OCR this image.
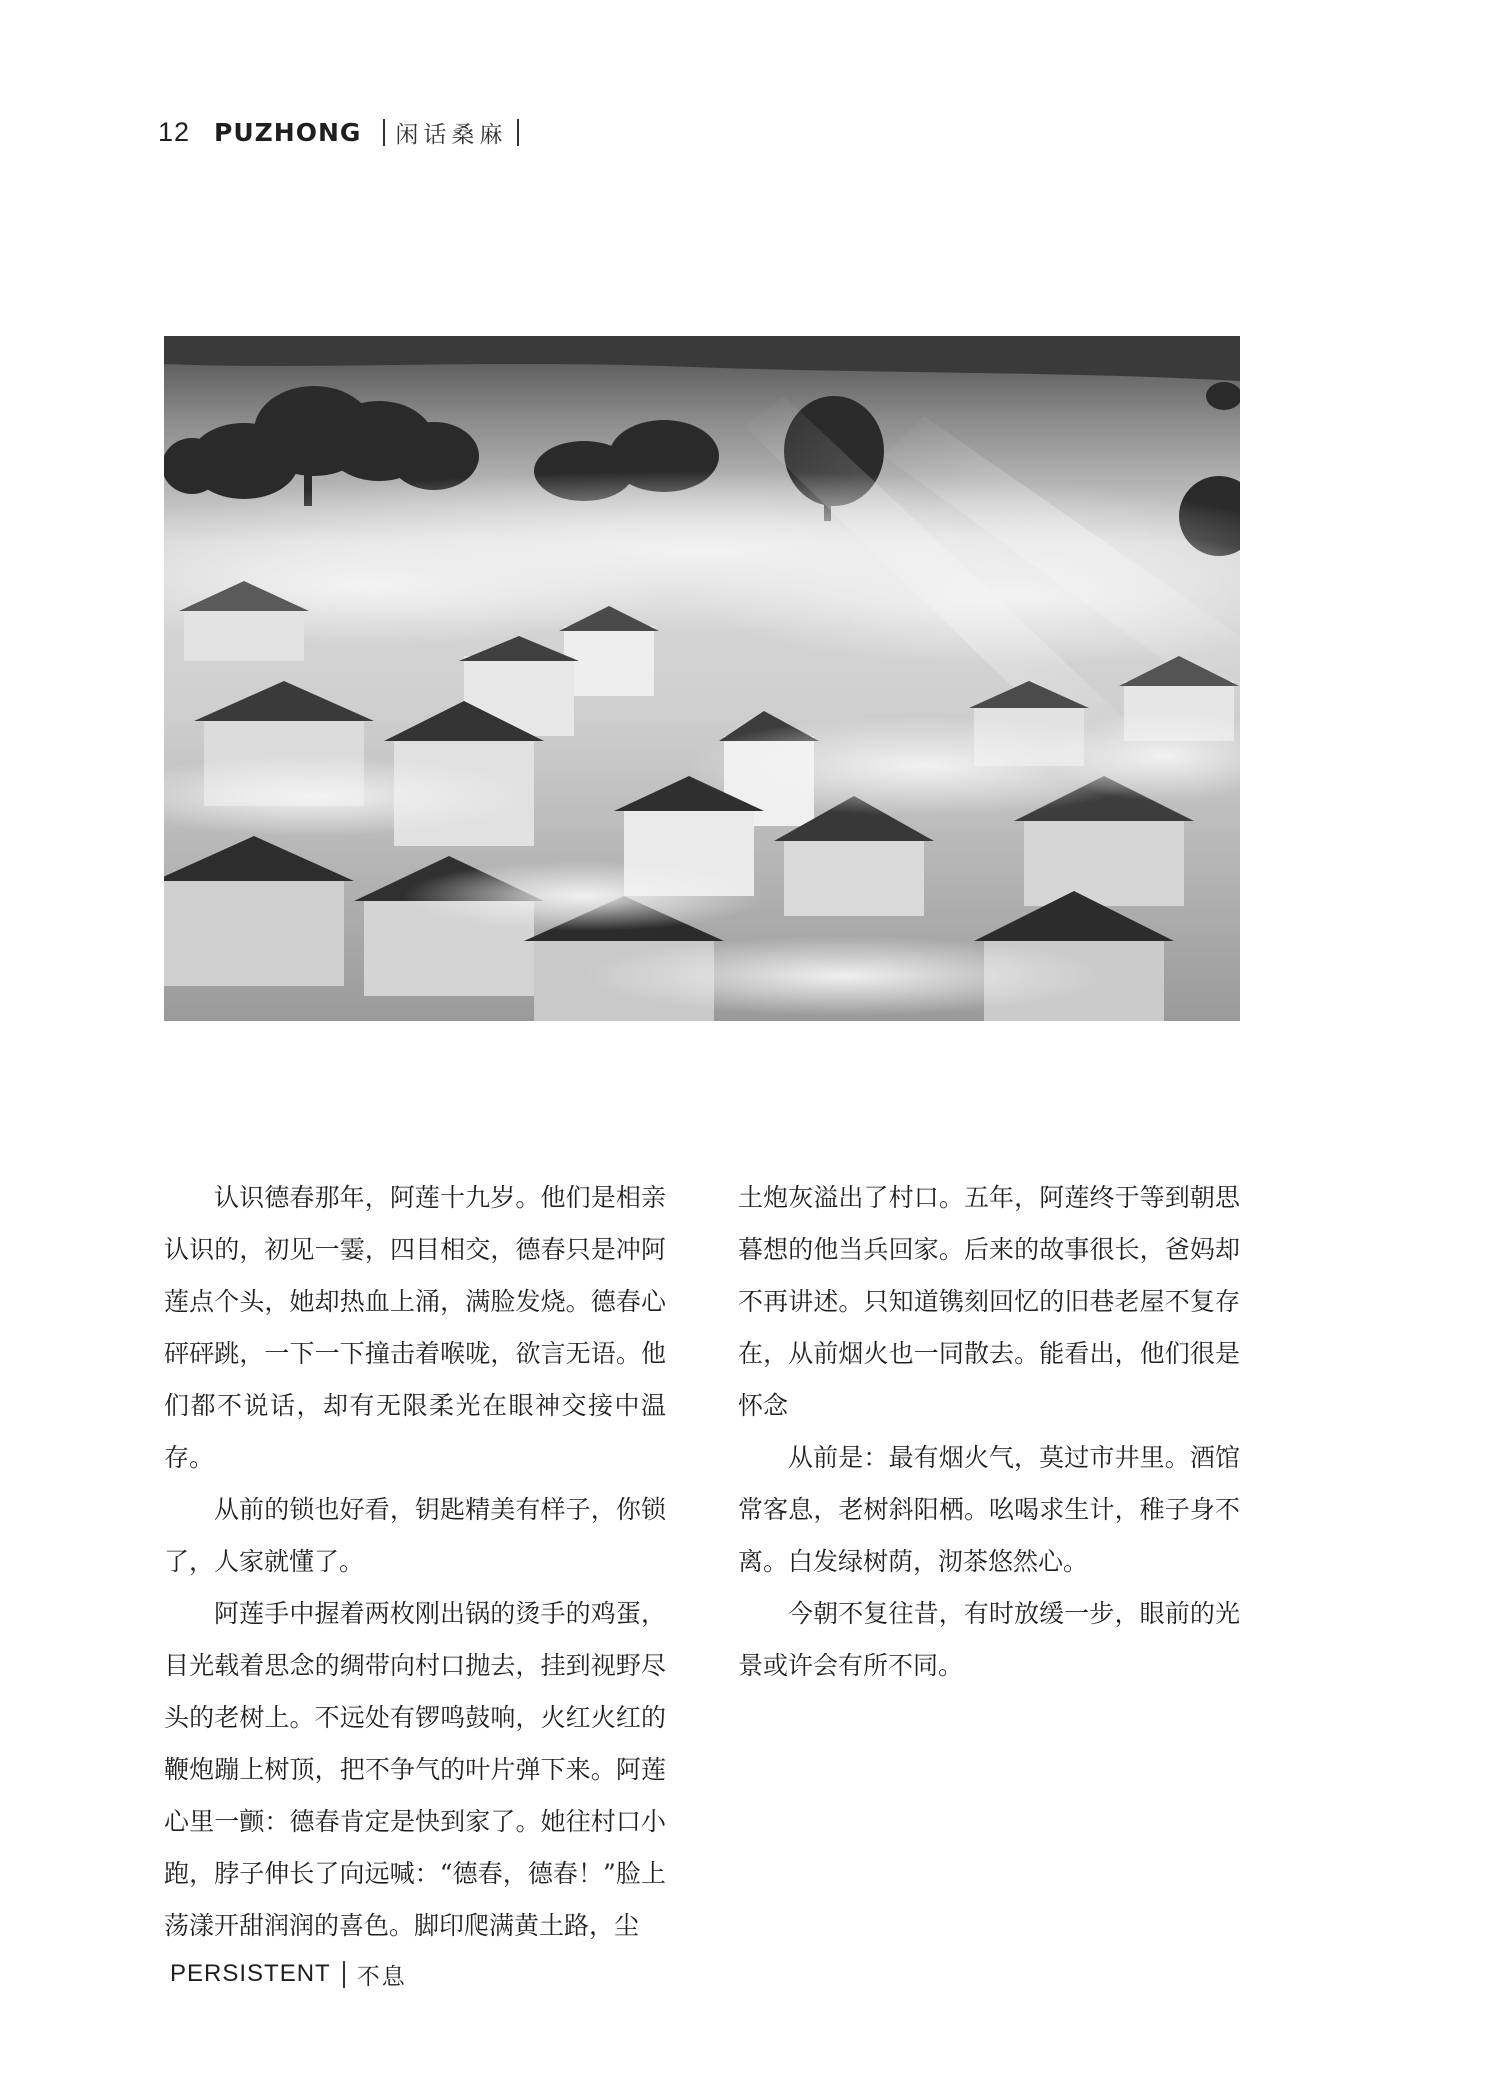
12 PUZHONG 闲话桑麻

认识德春那年，阿莲十九岁。他们是相亲认识的，初见一霎，四目相交，德春只是冲阿莲点个头，她却热血上涌，满脸发烧。德春心砰砰跳，一下一下撞击着喉咙，欲言无语。他们都不说话，却有无限柔光在眼神交接中温存。

从前的锁也好看，钥匙精美有样子，你锁了，人家就懂了。

阿莲手中握着两枚刚出锅的烫手的鸡蛋，目光载着思念的绸带向村口抛去，挂到视野尽头的老树上。不远处有锣鸣鼓响，火红火红的鞭炮蹦上树顶，把不争气的叶片弹下来。阿莲心里一颤：德春肯定是快到家了。她往村口小跑，脖子伸长了向远喊：“德春，德春！”脸上荡漾开甜润润的喜色。脚印爬满黄土路，尘

土炮灰溢出了村口。五年，阿莲终于等到朝思暮想的他当兵回家。后来的故事很长，爸妈却不再讲述。只知道镌刻回忆的旧巷老屋不复存在，从前烟火也一同散去。能看出，他们很是怀念

从前是：最有烟火气，莫过市井里。酒馆常客息，老树斜阳栖。吆喝求生计，稚子身不离。白发绿树荫，沏茶悠然心。

今朝不复往昔，有时放缓一步，眼前的光景或许会有所不同。

PERSISTENT 不息
